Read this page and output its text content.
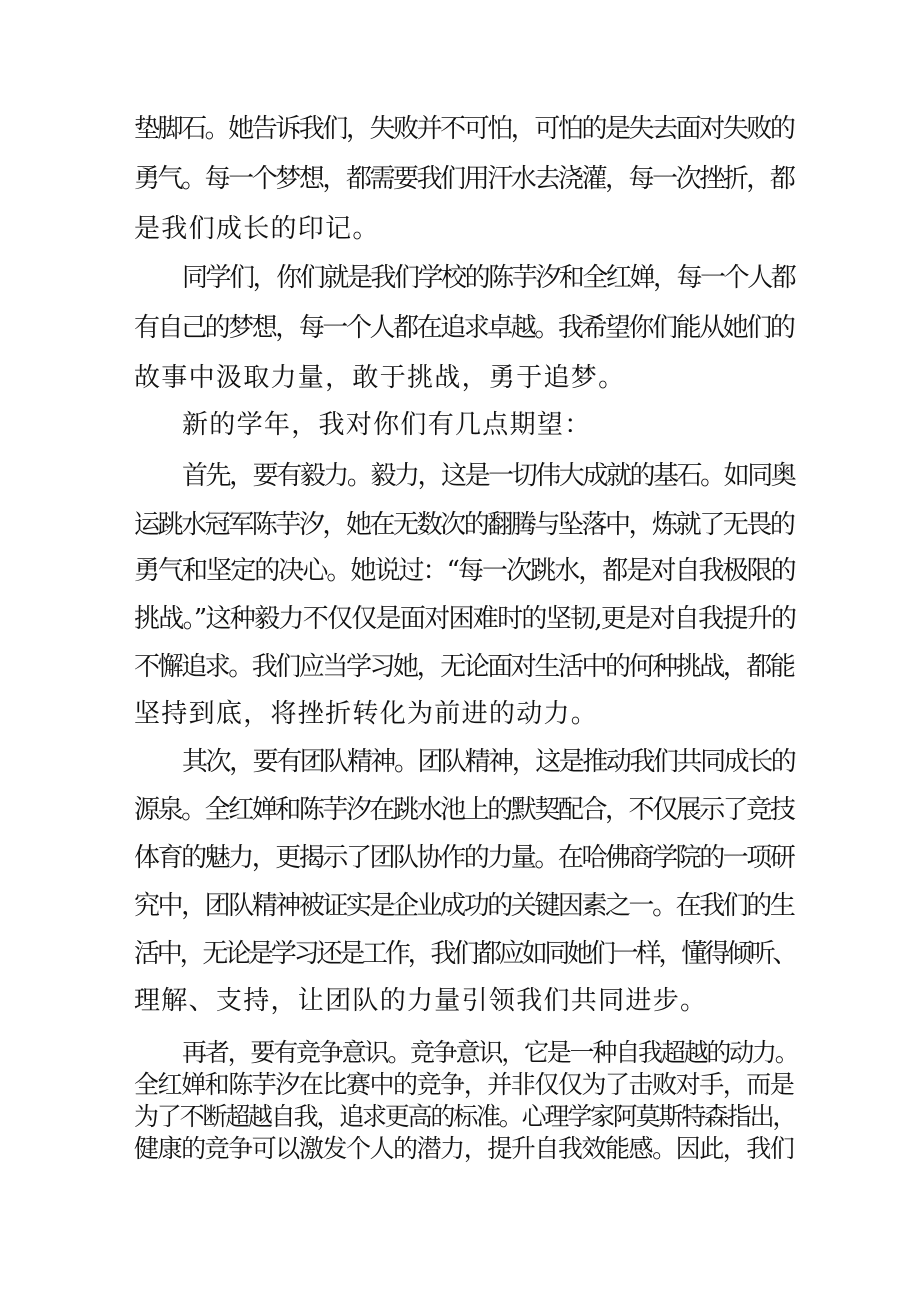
垫脚石。她告诉我们，失败并不可怕，可怕的是失去面对失败的
勇气。每一个梦想，都需要我们用汗水去浇灌，每一次挫折，都
是我们成长的印记。
同学们，你们就是我们学校的陈芋汐和全红婵，每一个人都
有自己的梦想，每一个人都在追求卓越。我希望你们能从她们的
故事中汲取力量，敢于挑战，勇于追梦。
新的学年，我对你们有几点期望：
首先，要有毅力。毅力，这是一切伟大成就的基石。如同奥
运跳水冠军陈芋汐，她在无数次的翻腾与坠落中，炼就了无畏的
勇气和坚定的决心。她说过：“每一次跳水，都是对自我极限的
挑战。”这种毅力不仅仅是面对困难时的坚韧,更是对自我提升的
不懈追求。我们应当学习她，无论面对生活中的何种挑战，都能
坚持到底，将挫折转化为前进的动力。
其次，要有团队精神。团队精神，这是推动我们共同成长的
源泉。全红婵和陈芋汐在跳水池上的默契配合，不仅展示了竞技
体育的魅力，更揭示了团队协作的力量。在哈佛商学院的一项研
究中，团队精神被证实是企业成功的关键因素之一。在我们的生
活中，无论是学习还是工作，我们都应如同她们一样，懂得倾听、
理解、支持，让团队的力量引领我们共同进步。
再者，要有竞争意识。竞争意识，它是一种自我超越的动力。
全红婵和陈芋汐在比赛中的竞争，并非仅仅为了击败对手，而是
为了不断超越自我，追求更高的标准。心理学家阿莫斯特森指出，
健康的竞争可以激发个人的潜力，提升自我效能感。因此，我们
